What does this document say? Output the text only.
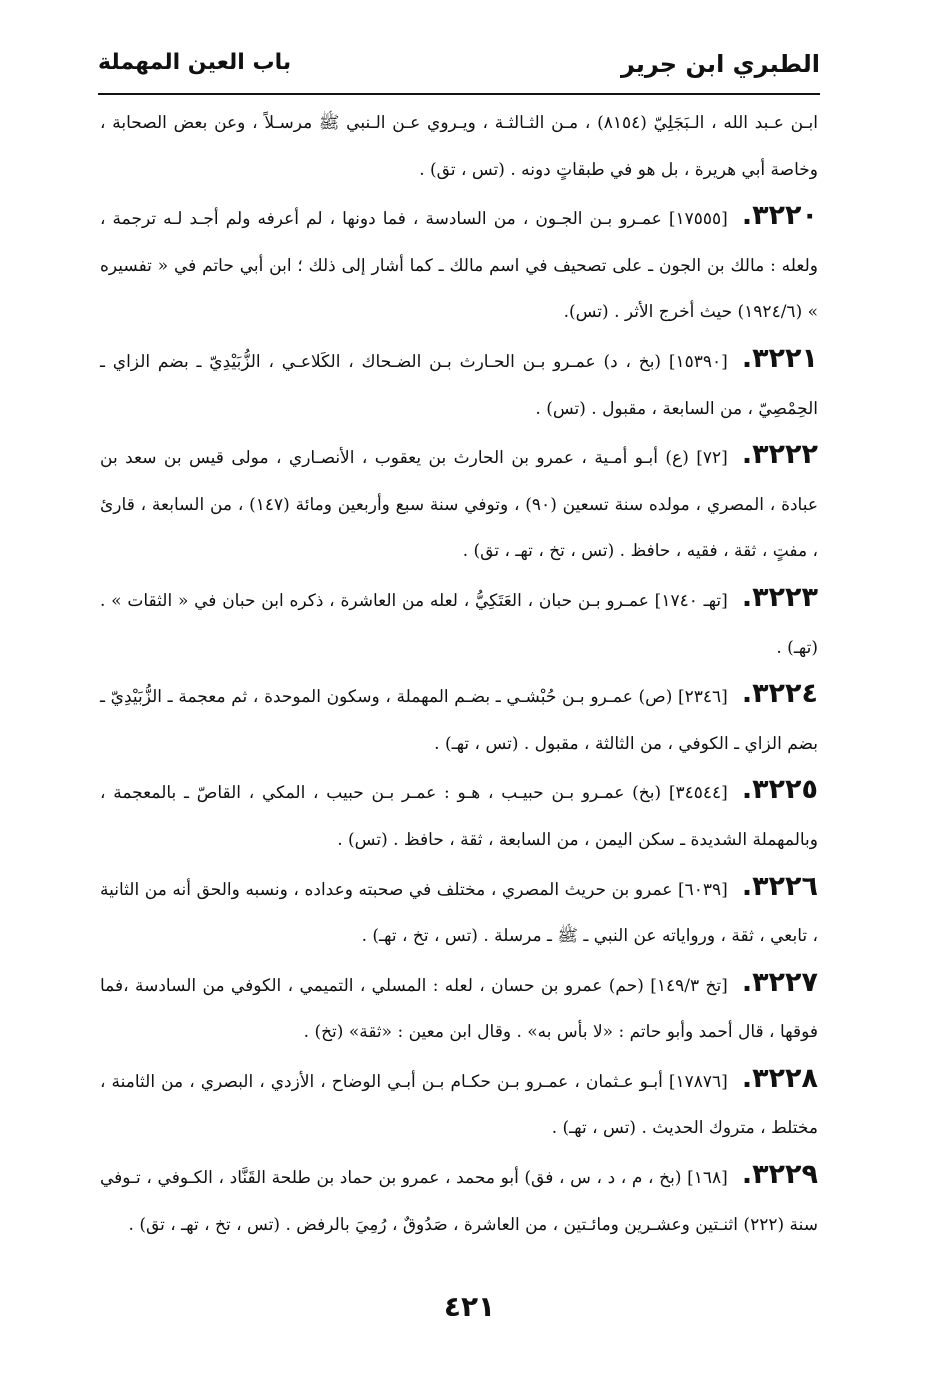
الطبري ابن جرير
باب العين المهملة

ابـن عـبد الله ، الـبَجَلِيّ (٨١٥٤) ، مـن الثـالثـة ، ويـروي عـن الـنبي ﷺ مرسـلاً ، وعن بعض الصحابة ، وخاصة أبي هريرة ، بل هو في طبقاتٍ دونه . (تس ، تق) .

٣٢٢٠.[١٧٥٥٥] عمـرو بـن الجـون ، من السادسة ، فما دونها ، لم أعرفه ولم أجـد لـه ترجمة ، ولعله : مالك بن الجون ـ على تصحيف في اسم مالك ـ كما أشار إلى ذلك ؛ ابن أبي حاتم في « تفسيره » (١٩٢٤/٦) حيث أخرج الأثر . (تس).

٣٢٢١.[١٥٣٩٠] (بخ ، د) عمـرو بـن الحـارث بـن الضـحاك ، الكَلاعـي ، الزُّبَيْدِيّ ـ بضم الزاي ـ الحِمْصِيّ ، من السابعة ، مقبول . (تس) .

٣٢٢٢.[٧٢] (ع) أبـو أمـية ، عمرو بن الحارث بن يعقوب ، الأنصـاري ، مولى قيس بن سعد بن عبادة ، المصري ، مولده سنة تسعين (٩٠) ، وتوفي سنة سبع وأربعين ومائة (١٤٧) ، من السابعة ، قارئ ، مفتٍ ، ثقة ، فقيه ، حافظ . (تس ، تخ ، تهـ ، تق) .

٣٢٢٣.[تهـ ١٧٤٠] عمـرو بـن حبان ، العَتَكِيُّ ، لعله من العاشرة ، ذكره ابن حبان في « الثقات » . (تهـ) .

٣٢٢٤.[٢٣٤٦] (ص) عمـرو بـن حُبْشـي ـ بضـم المهملة ، وسكون الموحدة ، ثم معجمة ـ الزُّبَيْدِيّ ـ بضم الزاي ـ الكوفي ، من الثالثة ، مقبول . (تس ، تهـ) .

٣٢٢٥.[٣٤٥٤٤] (بخ) عمـرو بـن حبيـب ، هـو : عمـر بـن حبيب ، المكي ، القاصّ ـ بالمعجمة ، وبالمهملة الشديدة ـ سكن اليمن ، من السابعة ، ثقة ، حافظ . (تس) .

٣٢٢٦.[٦٠٣٩] عمرو بن حريث المصري ، مختلف في صحبته وعداده ، ونسبه والحق أنه من الثانية ، تابعي ، ثقة ، ورواياته عن النبي ـ ﷺ ـ مرسلة . (تس ، تخ ، تهـ) .

٣٢٢٧.[تخ ١٤٩/٣] (حم) عمرو بن حسان ، لعله : المسلي ، التميمي ، الكوفي من السادسة ،فما فوقها ، قال أحمد وأبو حاتم : «لا بأس به» . وقال ابن معين : «ثقة» (تخ) .

٣٢٢٨.[١٧٨٧٦] أبـو عـثمان ، عمـرو بـن حكـام بـن أبـي الوضاح ، الأزدي ، البصري ، من الثامنة ، مختلط ، متروك الحديث . (تس ، تهـ) .

٣٢٢٩.[١٦٨] (بخ ، م ، د ، س ، فق) أبو محمد ، عمرو بن حماد بن طلحة القَنَّاد ، الكـوفي ، تـوفي سنة (٢٢٢) اثنـتين وعشـرين ومائـتين ، من العاشرة ، صَدُوقٌ ، رُمِيَ بالرفض . (تس ، تخ ، تهـ ، تق) .

٤٢١
